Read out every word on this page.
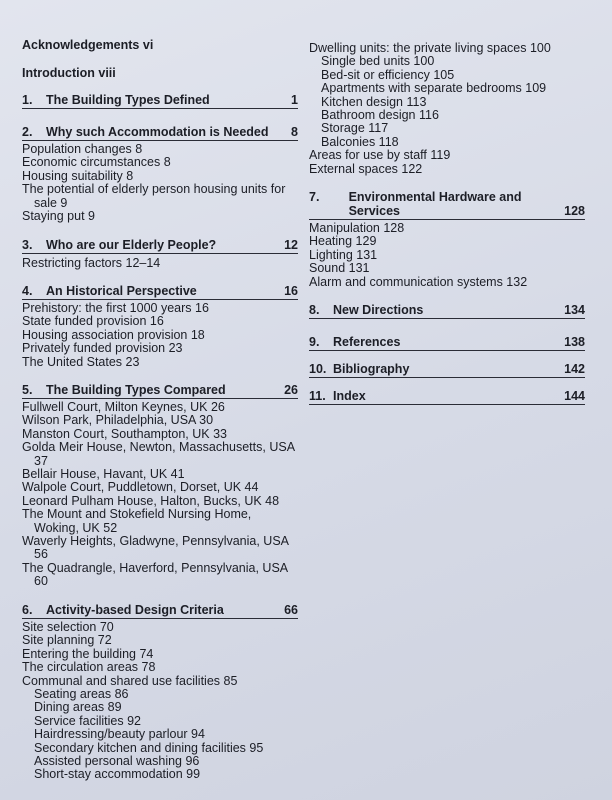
Acknowledgements vi
Introduction viii
1.	The Building Types Defined	1
2.	Why such Accommodation is Needed	8

Population changes 8

Economic circumstances 8

Housing suitability 8

The potential of elderly person housing units for sale 9

Staying put 9

3.	Who are our Elderly People?	12

Restricting factors 12–14

4.	An Historical Perspective	16

Prehistory: the first 1000 years 16

State funded provision 16

Housing association provision 18

Privately funded provision 23

The United States 23

5.	The Building Types Compared	26

Fullwell Court, Milton Keynes, UK 26

Wilson Park, Philadelphia, USA 30

Manston Court, Southampton, UK 33

Golda Meir House, Newton, Massachusetts, USA 37

Bellair House, Havant, UK 41

Walpole Court, Puddletown, Dorset, UK 44

Leonard Pulham House, Halton, Bucks, UK 48

The Mount and Stokefield Nursing Home, Woking, UK 52

Waverly Heights, Gladwyne, Pennsylvania, USA 56

The Quadrangle, Haverford, Pennsylvania, USA 60

6.	Activity-based Design Criteria	66

Site selection 70

Site planning 72

Entering the building 74

The circulation areas 78

Communal and shared use facilities 85

Seating areas 86

Dining areas 89

Service facilities 92

Hairdressing/beauty parlour 94

Secondary kitchen and dining facilities 95

Assisted personal washing 96

Short-stay accommodation 99

Dwelling units: the private living spaces 100

Single bed units 100

Bed-sit or efficiency 105

Apartments with separate bedrooms 109

Kitchen design 113

Bathroom design 116

Storage 117

Balconies 118

Areas for use by staff 119

External spaces 122

7.	Environmental Hardware and Services	128

Manipulation 128

Heating 129

Lighting 131

Sound 131

Alarm and communication systems 132

8.	New Directions	134
9.	References	138
10. Bibliography	142
11. Index	144
